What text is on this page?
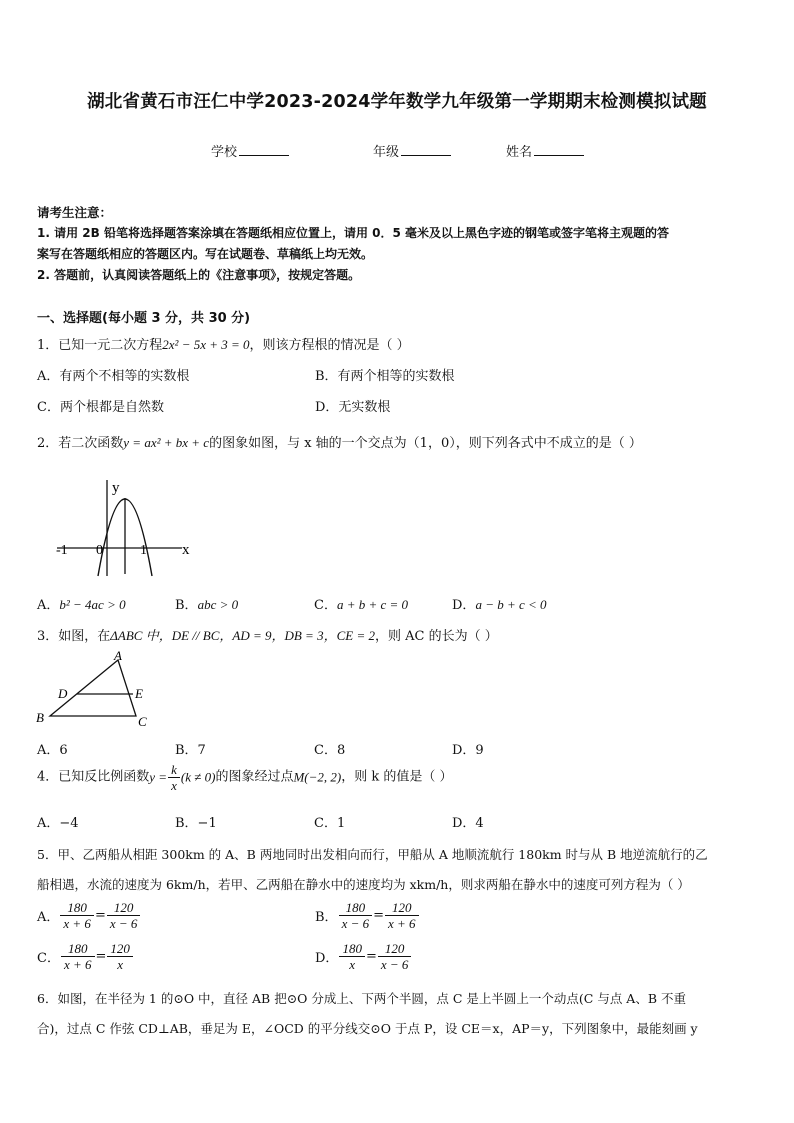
湖北省黄石市汪仁中学2023-2024学年数学九年级第一学期期末检测模拟试题
学校	年级	姓名
请考生注意：
1. 请用 2B 铅笔将选择题答案涂填在答题纸相应位置上，请用 0．5 毫米及以上黑色字迹的钢笔或签字笔将主观题的答
案写在答题纸相应的答题区内。写在试题卷、草稿纸上均无效。
2. 答题前，认真阅读答题纸上的《注意事项》，按规定答题。
一、选择题(每小题 3 分，共 30 分)
1．已知一元二次方程2x² − 5x + 3 = 0，则该方程根的情况是（ ）
A．有两个不相等的实数根	B．有两个相等的实数根
C．两个根都是自然数	D．无实数根
2．若二次函数y = ax² + bx + c的图象如图，与 x 轴的一个交点为（1，0），则下列各式中不成立的是（ ）
y
x
-1 0	1
A．b² − 4ac > 0	B．abc > 0	C．a + b + c = 0	D．a − b + c < 0
3．如图，在ΔABC 中，DE // BC，AD = 9，DB = 3，CE = 2，则 AC 的长为（ ）
A
B	C
D	E
A．6	B．7	C．8	D．9
4．已知反比例函数$y = \frac{k}{x} (k \ne 0)$的图象经过点M(−2, 2)，则 k 的值是（ ）
A．−4	B．−1	C．1	D．4
5．甲、乙两船从相距 300km 的 A、B 两地同时出发相向而行，甲船从 A 地顺流航行 180km 时与从 B 地逆流航行的乙
船相遇，水流的速度为 6km/h，若甲、乙两船在静水中的速度均为 xkm/h，则求两船在静水中的速度可列方程为（ ）
A． $\frac{180}{x + 6} = \frac{120}{x - 6}$	B． $\frac{180}{x - 6} = \frac{120}{x + 6}$
C． $\frac{180}{x + 6} = \frac{120}{x}$	D． $\frac{180}{x} = \frac{120}{x - 6}$
6．如图，在半径为 1 的⊙O 中，直径 AB 把⊙O 分成上、下两个半圆，点 C 是上半圆上一个动点(C 与点 A、B 不重
合)，过点 C 作弦 CD⊥AB，垂足为 E，∠OCD 的平分线交⊙O 于点 P，设 CE＝x，AP＝y，下列图象中，最能刻画 y
